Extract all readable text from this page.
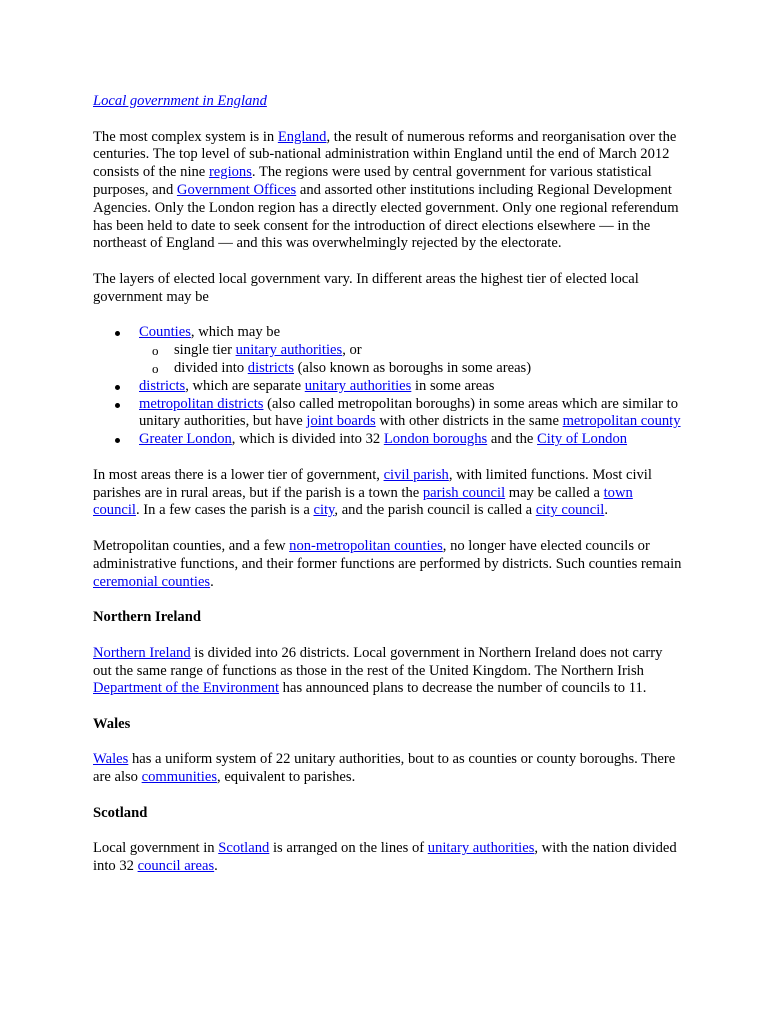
Local government in England

The most complex system is in England, the result of numerous reforms and reorganisation over the centuries. The top level of sub-national administration within England until the end of March 2012 consists of the nine regions. The regions were used by central government for various statistical purposes, and Government Offices and assorted other institutions including Regional Development Agencies. Only the London region has a directly elected government. Only one regional referendum has been held to date to seek consent for the introduction of direct elections elsewhere — in the northeast of England — and this was overwhelmingly rejected by the electorate.

The layers of elected local government vary. In different areas the highest tier of elected local government may be

Counties, which may be
o single tier unitary authorities, or
o divided into districts (also known as boroughs in some areas)
districts, which are separate unitary authorities in some areas
metropolitan districts (also called metropolitan boroughs) in some areas which are similar to unitary authorities, but have joint boards with other districts in the same metropolitan county
Greater London, which is divided into 32 London boroughs and the City of London

In most areas there is a lower tier of government, civil parish, with limited functions. Most civil parishes are in rural areas, but if the parish is a town the parish council may be called a town council. In a few cases the parish is a city, and the parish council is called a city council.

Metropolitan counties, and a few non-metropolitan counties, no longer have elected councils or administrative functions, and their former functions are performed by districts. Such counties remain ceremonial counties.

Northern Ireland

Northern Ireland is divided into 26 districts. Local government in Northern Ireland does not carry out the same range of functions as those in the rest of the United Kingdom. The Northern Irish Department of the Environment has announced plans to decrease the number of councils to 11.

Wales

Wales has a uniform system of 22 unitary authorities, bout to as counties or county boroughs. There are also communities, equivalent to parishes.

Scotland

Local government in Scotland is arranged on the lines of unitary authorities, with the nation divided into 32 council areas.
